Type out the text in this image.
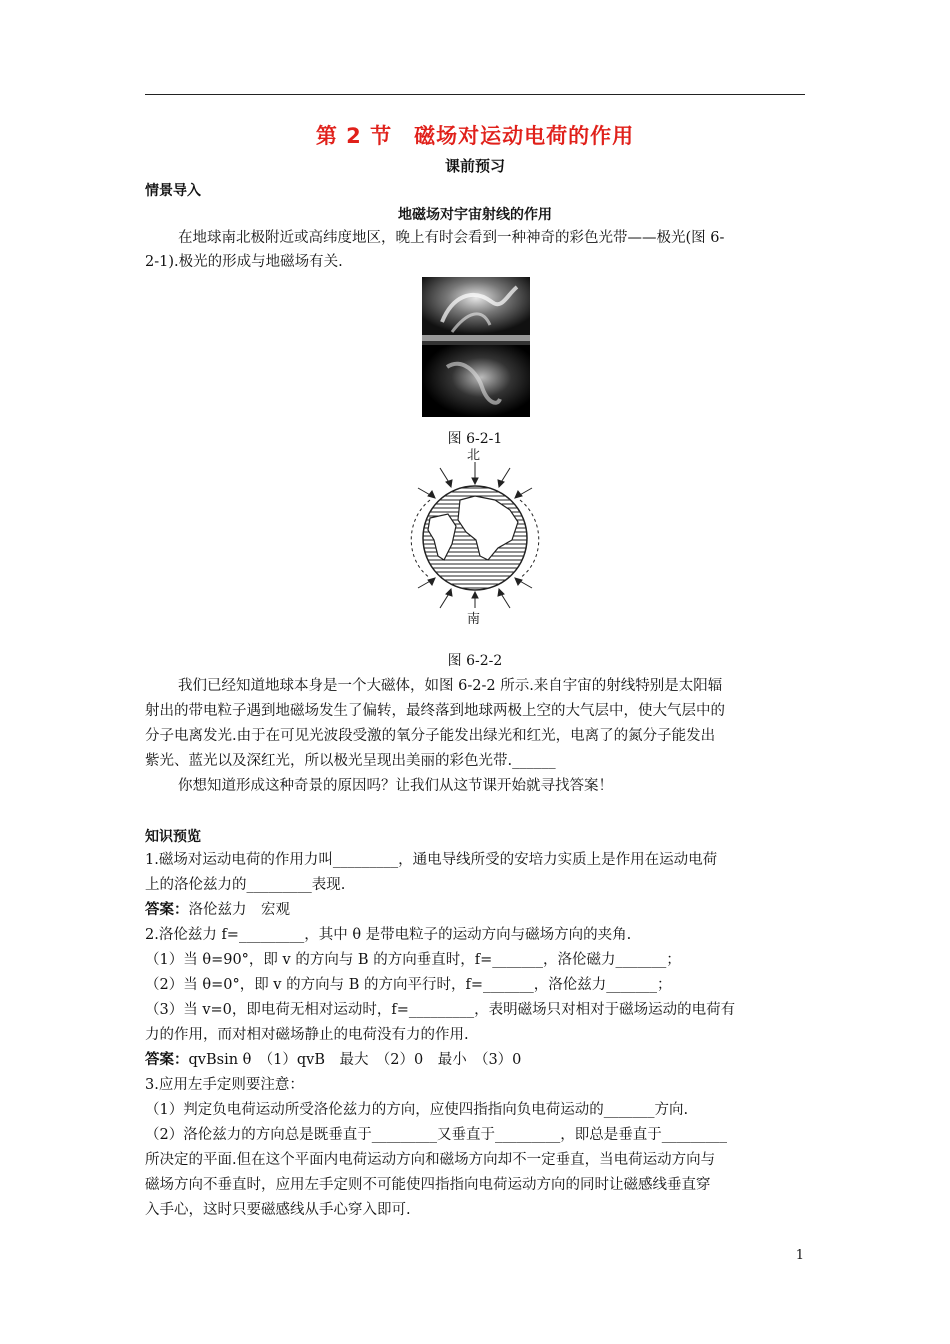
第 2 节　磁场对运动电荷的作用
课前预习
情景导入
地磁场对宇宙射线的作用
在地球南北极附近或高纬度地区，晚上有时会看到一种神奇的彩色光带——极光(图 6-
2-1).极光的形成与地磁场有关.
图 6-2-1
北
南
图 6-2-2
我们已经知道地球本身是一个大磁体，如图 6-2-2 所示.来自宇宙的射线特别是太阳辐
射出的带电粒子遇到地磁场发生了偏转，最终落到地球两极上空的大气层中，使大气层中的
分子电离发光.由于在可见光波段受激的氧分子能发出绿光和红光，电离了的氮分子能发出
紫光、蓝光以及深红光，所以极光呈现出美丽的彩色光带.______
你想知道形成这种奇景的原因吗？让我们从这节课开始就寻找答案！
知识预览
1.磁场对运动电荷的作用力叫_________，通电导线所受的安培力实质上是作用在运动电荷
上的洛伦兹力的_________表现.
答案：洛伦兹力　宏观
2.洛伦兹力 f=_________，其中 θ 是带电粒子的运动方向与磁场方向的夹角.
（1）当 θ=90°，即 v 的方向与 B 的方向垂直时，f=_______，洛伦磁力_______；
（2）当 θ=0°，即 v 的方向与 B 的方向平行时，f=_______，洛伦兹力_______；
（3）当 v=0，即电荷无相对运动时，f=_________，表明磁场只对相对于磁场运动的电荷有
力的作用，而对相对磁场静止的电荷没有力的作用.
答案：qvBsin θ　（1）qvB　最大　（2）0　最小　（3）0
3.应用左手定则要注意：
（1）判定负电荷运动所受洛伦兹力的方向，应使四指指向负电荷运动的_______方向.
（2）洛伦兹力的方向总是既垂直于_________又垂直于_________，即总是垂直于_________
所决定的平面.但在这个平面内电荷运动方向和磁场方向却不一定垂直，当电荷运动方向与
磁场方向不垂直时，应用左手定则不可能使四指指向电荷运动方向的同时让磁感线垂直穿
入手心，这时只要磁感线从手心穿入即可.
1
